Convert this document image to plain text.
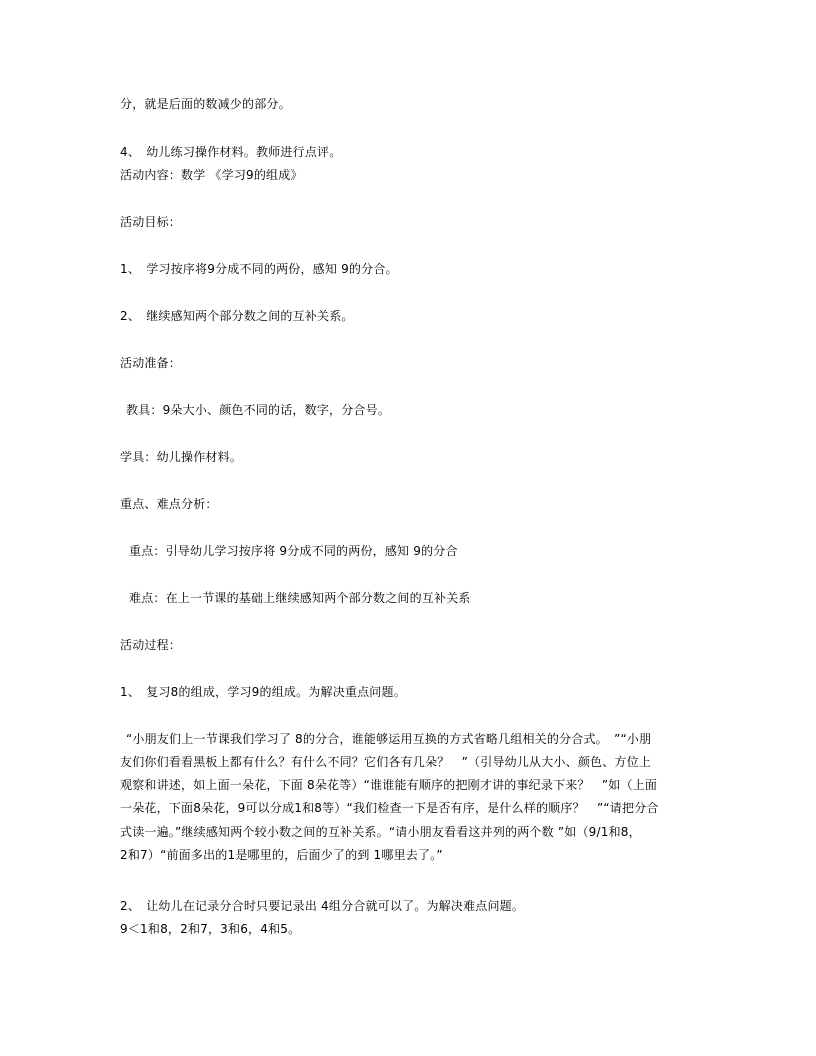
分，就是后面的数减少的部分。
4、　幼儿练习操作材料。教师进行点评。
活动内容：数学 《学习9的组成》
活动目标：
1、　学习按序将9分成不同的两份，感知 9的分合。
2、　继续感知两个部分数之间的互补关系。
活动准备：
教具：9朵大小、颜色不同的话，数字，分合号。
学具：幼儿操作材料。
重点、难点分析：
重点：引导幼儿学习按序将 9分成不同的两份，感知 9的分合
难点：在上一节课的基础上继续感知两个部分数之间的互补关系
活动过程：
1、　复习8的组成，学习9的组成。为解决重点问题。
“小朋友们上一节课我们学习了 8的分合，谁能够运用互换的方式省略几组相关的分合式。　”“小朋
友们你们看看黑板上都有什么？有什么不同？它们各有几朵？　”（引导幼儿从大小、颜色、方位上
观察和讲述，如上面一朵花，下面 8朵花等）“谁谁能有顺序的把刚才讲的事纪录下来？　”如（上面
一朵花，下面8朵花，9可以分成1和8等）“我们检查一下是否有序，是什么样的顺序？　”“请把分合
式读一遍。”继续感知两个较小数之间的互补关系。“请小朋友看看这并列的两个数 ”如（9/1和8，
2和7）“前面多出的1是哪里的，后面少了的到 1哪里去了。”
2、　让幼儿在记录分合时只要记录出 4组分合就可以了。为解决难点问题。
9＜1和8，2和7，3和6，4和5。
